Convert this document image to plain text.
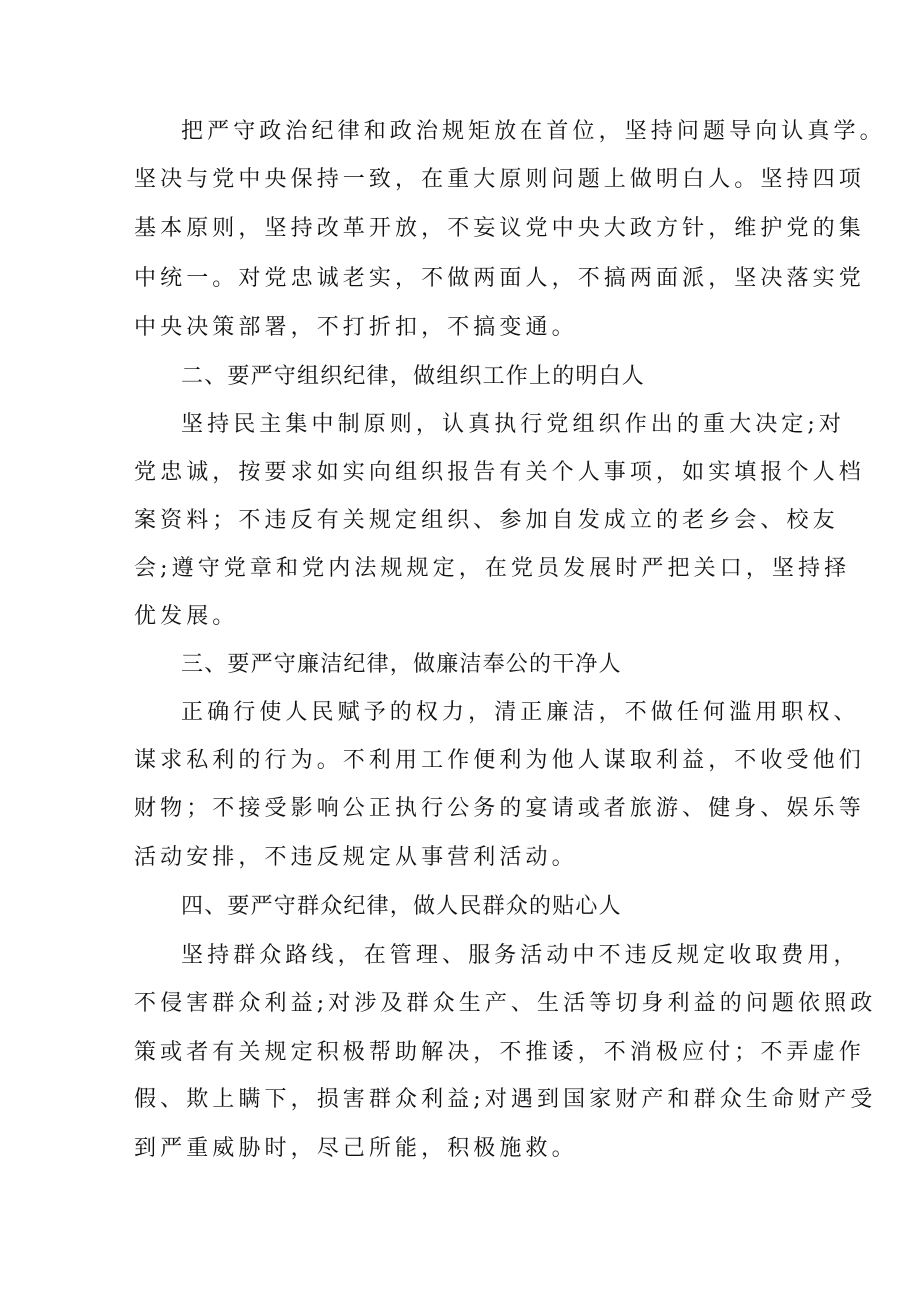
把严守政治纪律和政治规矩放在首位，坚持问题导向认真学。
坚决与党中央保持一致，在重大原则问题上做明白人。坚持四项
基本原则，坚持改革开放，不妄议党中央大政方针，维护党的集
中统一。对党忠诚老实，不做两面人，不搞两面派，坚决落实党
中央决策部署，不打折扣，不搞变通。
二、要严守组织纪律，做组织工作上的明白人
坚持民主集中制原则，认真执行党组织作出的重大决定;对
党忠诚，按要求如实向组织报告有关个人事项，如实填报个人档
案资料；不违反有关规定组织、参加自发成立的老乡会、校友
会;遵守党章和党内法规规定，在党员发展时严把关口，坚持择
优发展。
三、要严守廉洁纪律，做廉洁奉公的干净人
正确行使人民赋予的权力，清正廉洁，不做任何滥用职权、
谋求私利的行为。不利用工作便利为他人谋取利益，不收受他们
财物；不接受影响公正执行公务的宴请或者旅游、健身、娱乐等
活动安排，不违反规定从事营利活动。
四、要严守群众纪律，做人民群众的贴心人
坚持群众路线，在管理、服务活动中不违反规定收取费用，
不侵害群众利益;对涉及群众生产、生活等切身利益的问题依照政
策或者有关规定积极帮助解决，不推诿，不消极应付；不弄虚作
假、欺上瞒下，损害群众利益;对遇到国家财产和群众生命财产受
到严重威胁时，尽己所能，积极施救。
